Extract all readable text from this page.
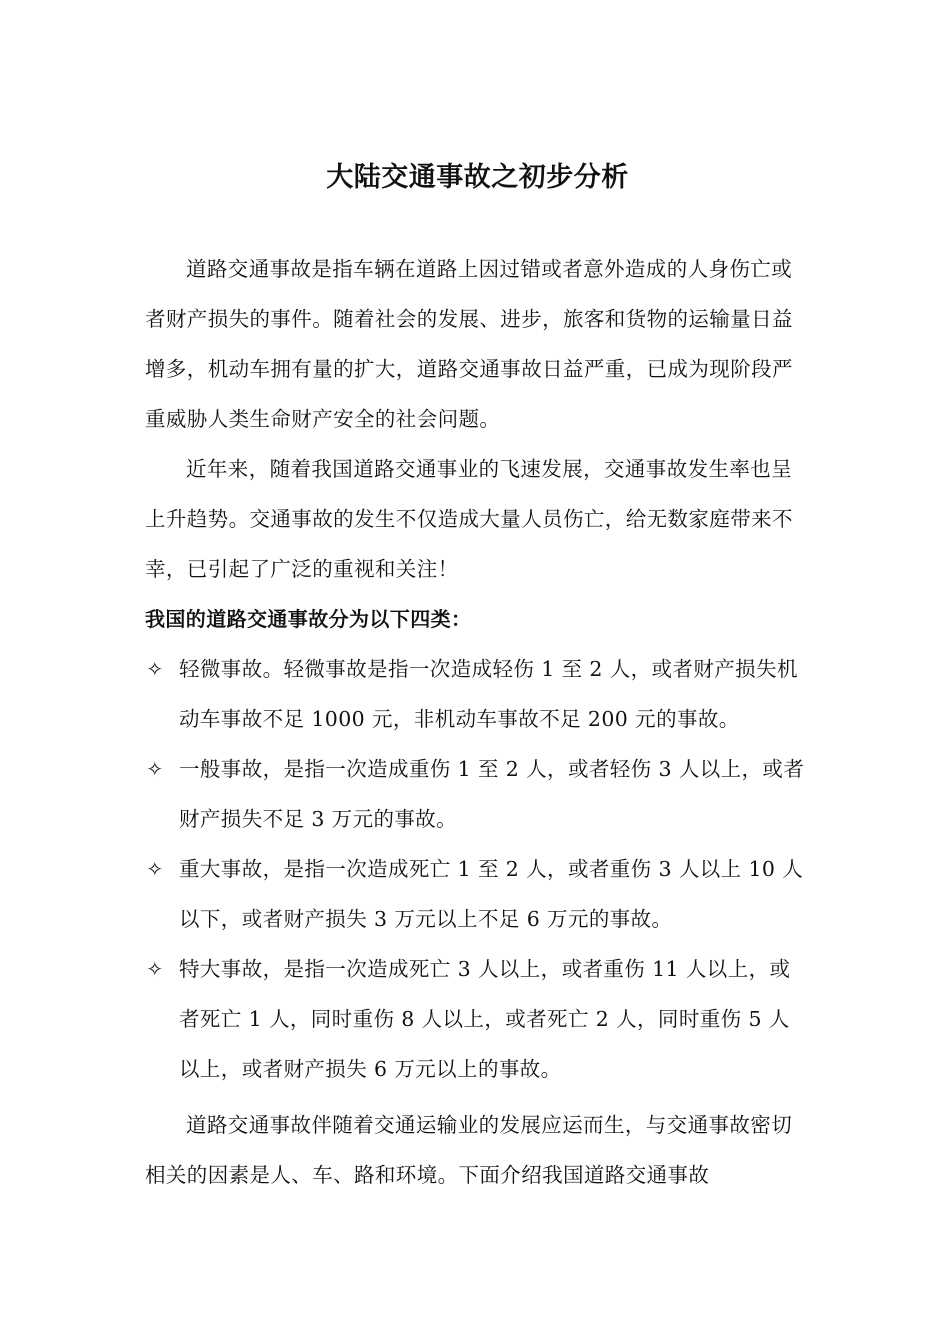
大陆交通事故之初步分析

道路交通事故是指车辆在道路上因过错或者意外造成的人身伤亡或者财产损失的事件。随着社会的发展、进步，旅客和货物的运输量日益增多，机动车拥有量的扩大，道路交通事故日益严重，已成为现阶段严重威胁人类生命财产安全的社会问题。

近年来，随着我国道路交通事业的飞速发展，交通事故发生率也呈上升趋势。交通事故的发生不仅造成大量人员伤亡，给无数家庭带来不幸，已引起了广泛的重视和关注！

我国的道路交通事故分为以下四类：

✧ 轻微事故。轻微事故是指一次造成轻伤 1 至 2 人，或者财产损失机动车事故不足 1000 元，非机动车事故不足 200 元的事故。
✧ 一般事故，是指一次造成重伤 1 至 2 人，或者轻伤 3 人以上，或者财产损失不足 3 万元的事故。
✧ 重大事故，是指一次造成死亡 1 至 2 人，或者重伤 3 人以上 10 人以下，或者财产损失 3 万元以上不足 6 万元的事故。
✧ 特大事故，是指一次造成死亡 3 人以上，或者重伤 11 人以上，或者死亡 1 人，同时重伤 8 人以上，或者死亡 2 人，同时重伤 5 人以上，或者财产损失 6 万元以上的事故。

道路交通事故伴随着交通运输业的发展应运而生，与交通事故密切相关的因素是人、车、路和环境。下面介绍我国道路交通事故
